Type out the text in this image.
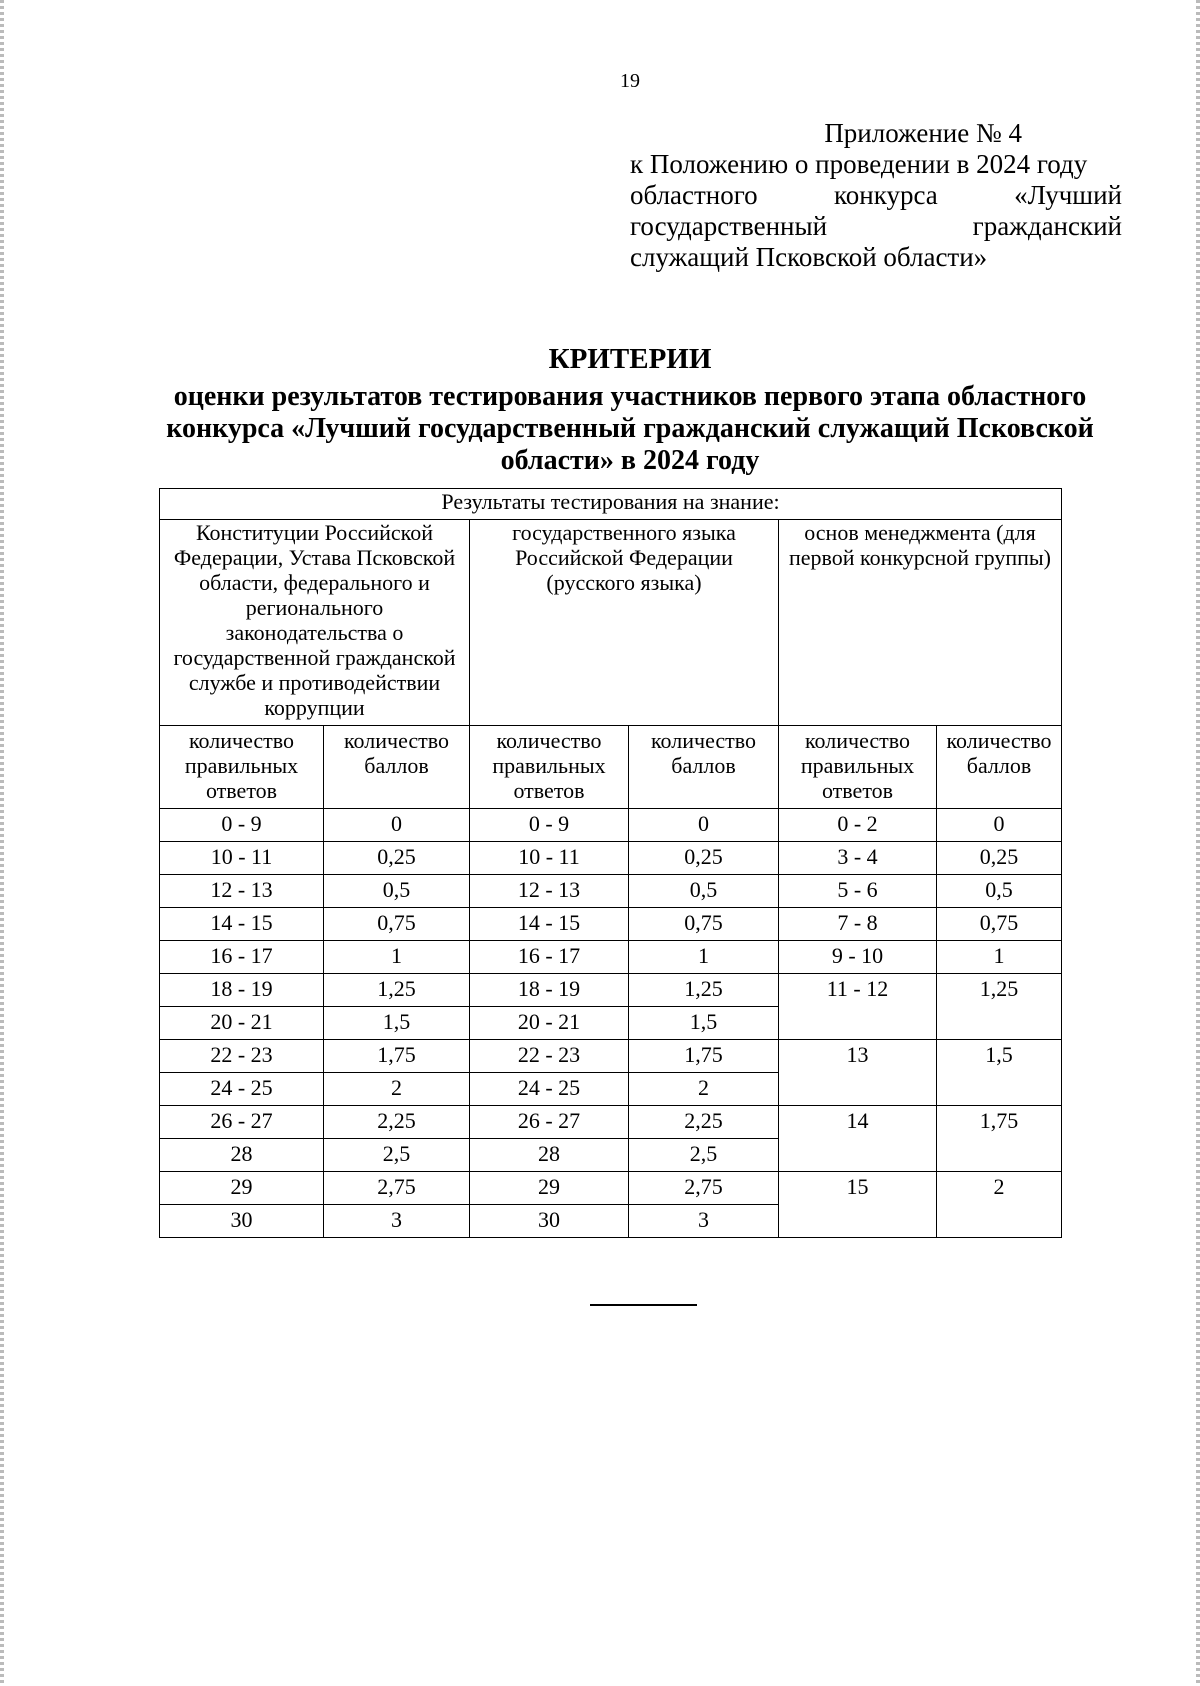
19
Приложение № 4
к Положению о проведении в 2024 году
областного конкурса «Лучший
государственный гражданский
служащий Псковской области»
КРИТЕРИИ
оценки результатов тестирования участников первого этапа областного
конкурса «Лучший государственный гражданский служащий Псковской
области» в 2024 году
Результаты тестирования на знание:					
Конституции Российской Федерации, Устава Псковской области, федерального и регионального законодательства о государственной гражданской службе и противодействии коррупции		государственного языка Российской Федерации (русского языка)		основ менеджмента (для первой конкурсной группы)	
количество правильных ответов	количество баллов	количество правильных ответов	количество баллов	количество правильных ответов	количество баллов
0 - 9	0	0 - 9	0	0 - 2	0
10 - 11	0,25	10 - 11	0,25	3 - 4	0,25
12 - 13	0,5	12 - 13	0,5	5 - 6	0,5
14 - 15	0,75	14 - 15	0,75	7 - 8	0,75
16 - 17	1	16 - 17	1	9 - 10	1
18 - 19	1,25	18 - 19	1,25	11 - 12	1,25
20 - 21	1,5	20 - 21	1,5		
22 - 23	1,75	22 - 23	1,75	13	1,5
24 - 25	2	24 - 25	2		
26 - 27	2,25	26 - 27	2,25	14	1,75
28	2,5	28	2,5		
29	2,75	29	2,75	15	2
30	3	30	3		
